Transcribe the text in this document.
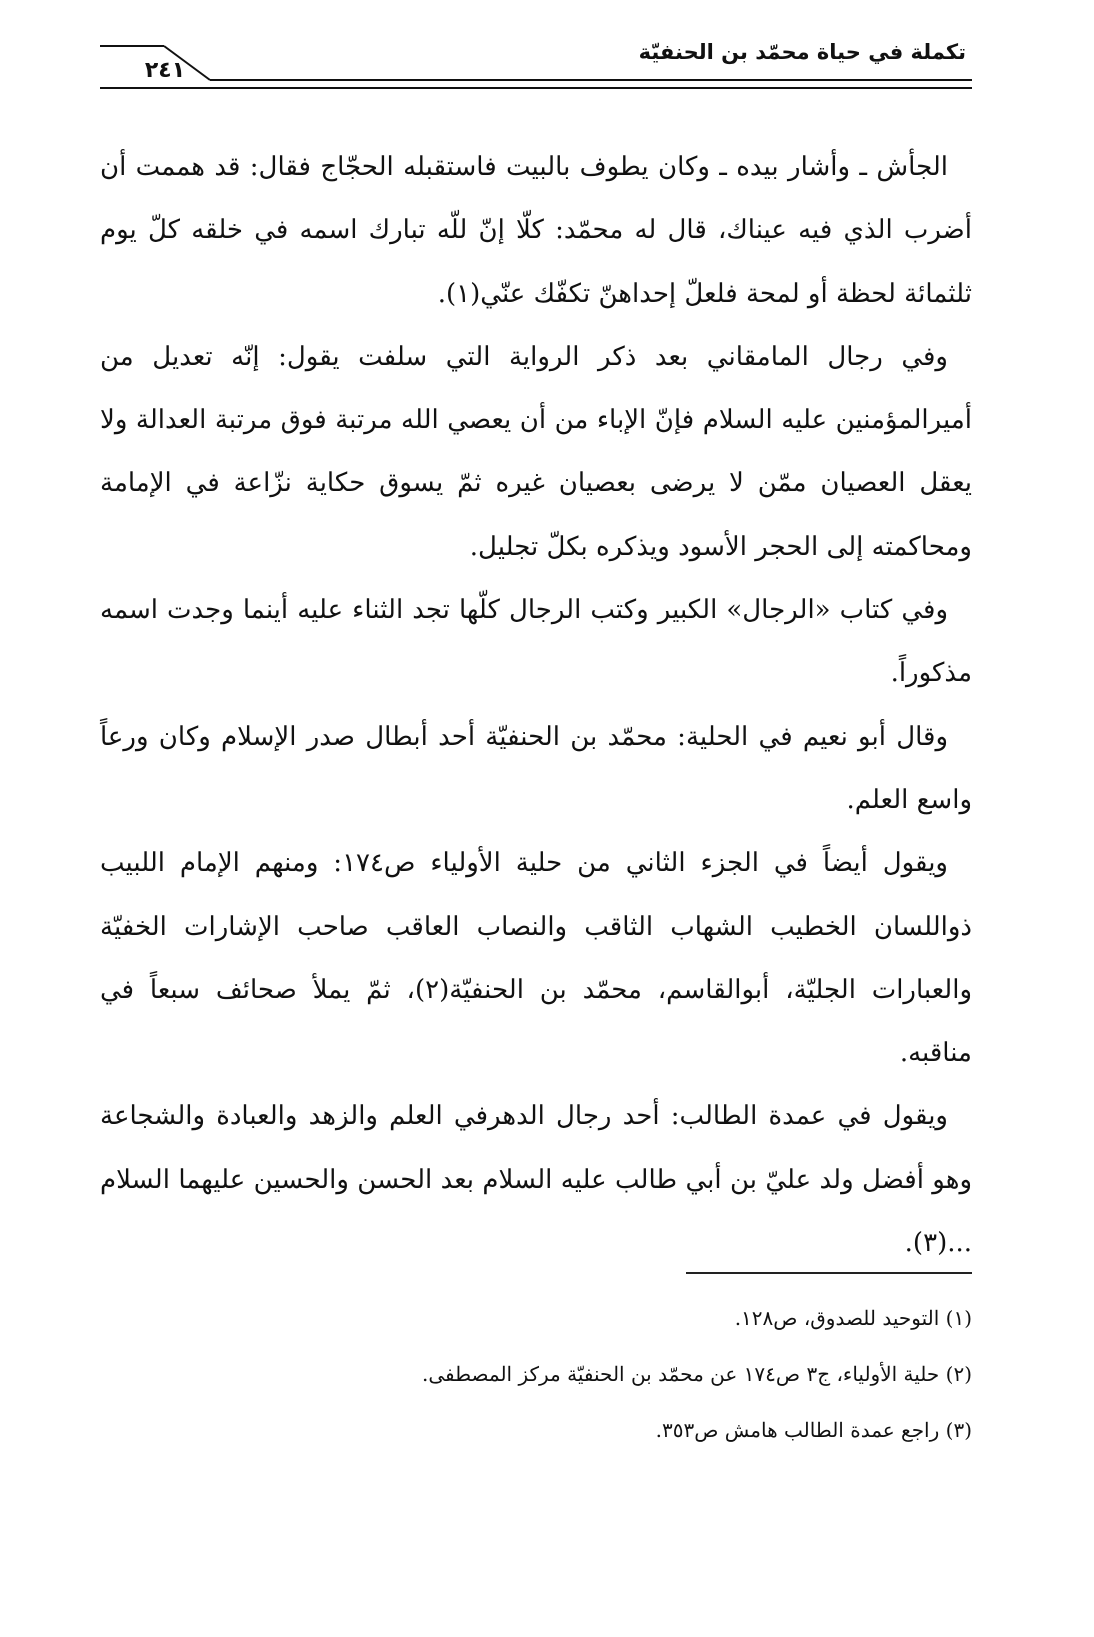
٢٤١
تكملة في حياة محمّد بن الحنفيّة

الجأش ـ وأشار بيده ـ وكان يطوف بالبيت فاستقبله الحجّاج فقال: قد هممت أن أضرب الذي فيه عيناك، قال له محمّد: كلّا إنّ للّه تبارك اسمه في خلقه كلّ يوم ثلثمائة لحظة أو لمحة فلعلّ إحداهنّ تكفّك عنّي(١).

وفي رجال المامقاني بعد ذكر الرواية التي سلفت يقول: إنّه تعديل من أميرالمؤمنين عليه السلام فإنّ الإباء من أن يعصي الله مرتبة فوق مرتبة العدالة ولا يعقل العصيان ممّن لا يرضى بعصيان غيره ثمّ يسوق حكاية نزّاعة في الإمامة ومحاكمته إلى الحجر الأسود ويذكره بكلّ تجليل.

وفي كتاب «الرجال» الكبير وكتب الرجال كلّها تجد الثناء عليه أينما وجدت اسمه مذكوراً.

وقال أبو نعيم في الحلية: محمّد بن الحنفيّة أحد أبطال صدر الإسلام وكان ورعاً واسع العلم.

ويقول أيضاً في الجزء الثاني من حلية الأولياء ص١٧٤: ومنهم الإمام اللبيب ذواللسان الخطيب الشهاب الثاقب والنصاب العاقب صاحب الإشارات الخفيّة والعبارات الجليّة، أبوالقاسم، محمّد بن الحنفيّة(٢)، ثمّ يملأ صحائف سبعاً في مناقبه.

ويقول في عمدة الطالب: أحد رجال الدهرفي العلم والزهد والعبادة والشجاعة وهو أفضل ولد عليّ بن أبي طالب عليه السلام بعد الحسن والحسين عليهما السلام ...(٣).

(١) التوحيد للصدوق، ص١٢٨.
(٢) حلية الأولياء، ج٣ ص١٧٤ عن محمّد بن الحنفيّة مركز المصطفى.
(٣) راجع عمدة الطالب هامش ص٣٥٣.
